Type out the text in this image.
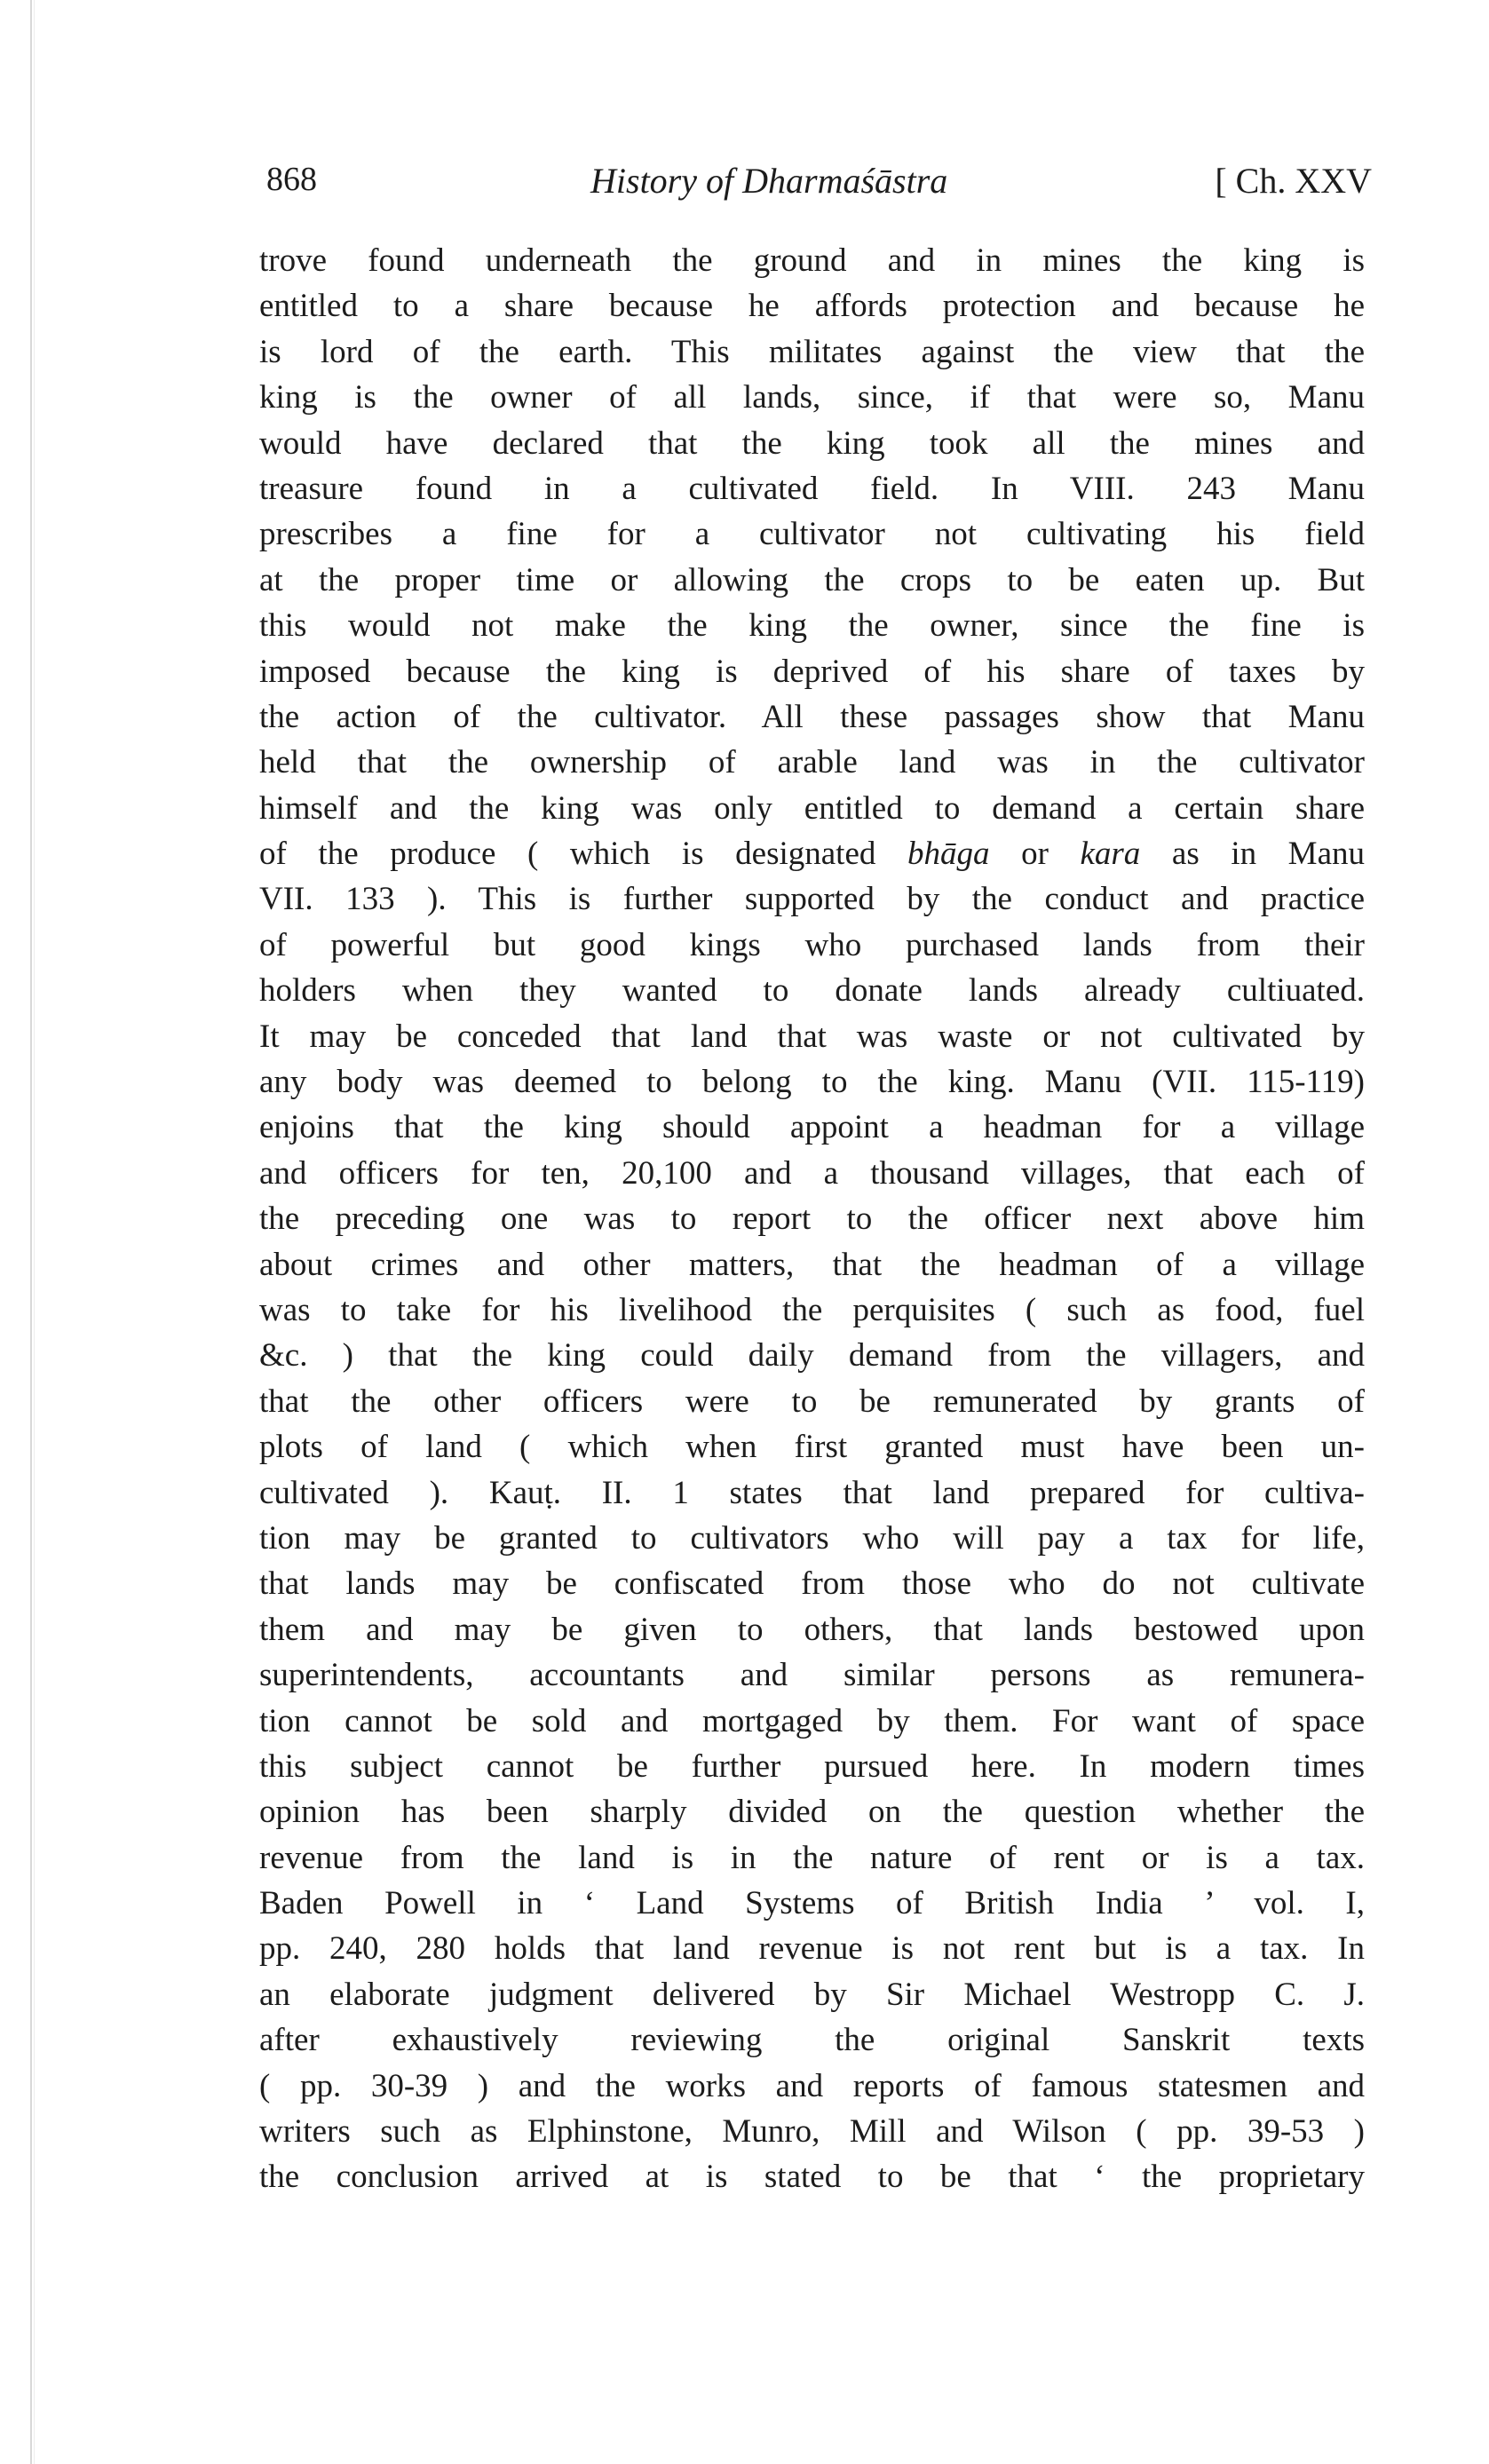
868	History of Dharmaśāstra	[ Ch. XXV
trove found underneath the ground and in mines the king is
entitled to a share because he affords protection and because he
is lord of the earth. This militates against the view that the
king is the owner of all lands, since, if that were so, Manu
would have declared that the king took all the mines and
treasure found in a cultivated field. In VIII. 243 Manu
prescribes a fine for a cultivator not cultivating his field
at the proper time or allowing the crops to be eaten up. But
this would not make the king the owner, since the fine is
imposed because the king is deprived of his share of taxes by
the action of the cultivator. All these passages show that Manu
held that the ownership of arable land was in the cultivator
himself and the king was only entitled to demand a certain share
of the produce ( which is designated bhāga or kara as in Manu
VII. 133 ). This is further supported by the conduct and practice
of powerful but good kings who purchased lands from their
holders when they wanted to donate lands already cultiuated.
It may be conceded that land that was waste or not cultivated by
any body was deemed to belong to the king. Manu (VII. 115-119)
enjoins that the king should appoint a headman for a village
and officers for ten, 20,100 and a thousand villages, that each of
the preceding one was to report to the officer next above him
about crimes and other matters, that the headman of a village
was to take for his livelihood the perquisites ( such as food, fuel
&c. ) that the king could daily demand from the villagers, and
that the other officers were to be remunerated by grants of
plots of land ( which when first granted must have been un-
cultivated ). Kauṭ. II. 1 states that land prepared for cultiva-
tion may be granted to cultivators who will pay a tax for life,
that lands may be confiscated from those who do not cultivate
them and may be given to others, that lands bestowed upon
superintendents, accountants and similar persons as remunera-
tion cannot be sold and mortgaged by them. For want of space
this subject cannot be further pursued here. In modern times
opinion has been sharply divided on the question whether the
revenue from the land is in the nature of rent or is a tax.
Baden Powell in ‘ Land Systems of British India ’ vol. I,
pp. 240, 280 holds that land revenue is not rent but is a tax. In
an elaborate judgment delivered by Sir Michael Westropp C. J.
after exhaustively reviewing the original Sanskrit texts
( pp. 30-39 ) and the works and reports of famous statesmen and
writers such as Elphinstone, Munro, Mill and Wilson ( pp. 39-53 )
the conclusion arrived at is stated to be that ‘ the proprietary
